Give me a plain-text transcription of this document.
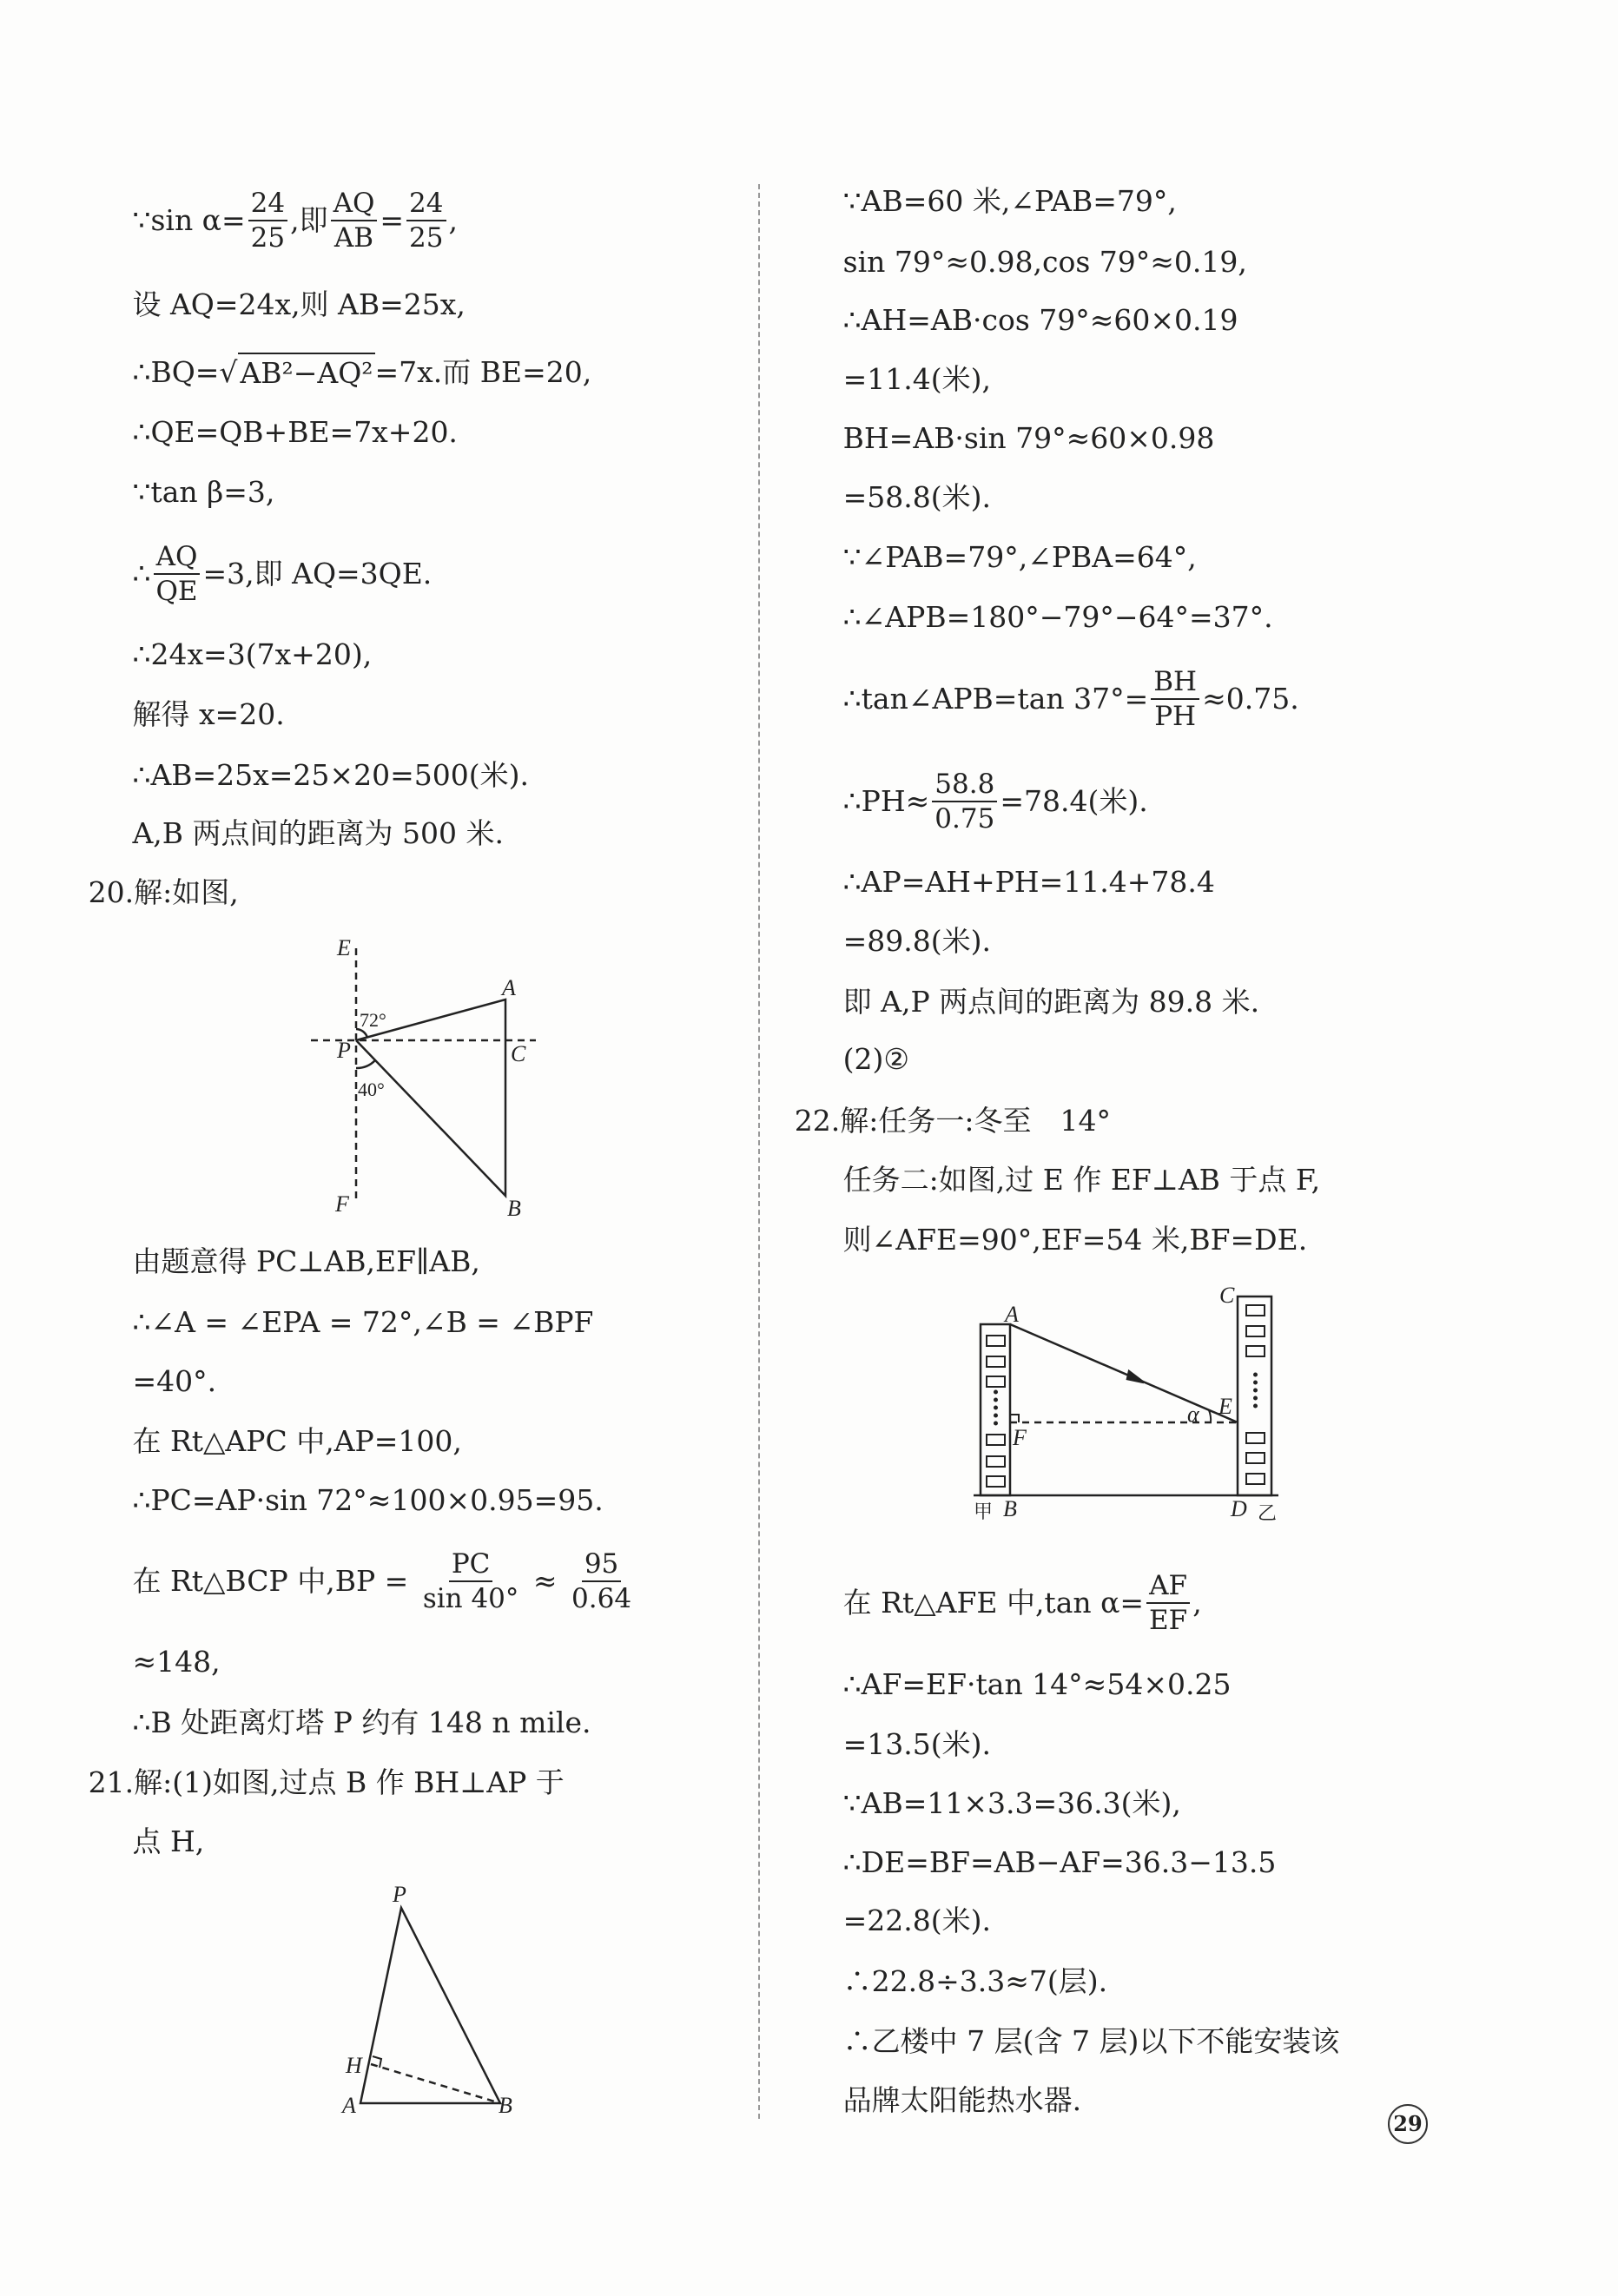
∵sin $\alpha= \frac{24}{25}$ ,即 $\frac{AQ}{AB} = \frac{24}{25}$ ,
设 AQ=24x,则 AB=25x,
∴BQ= √ AB²−AQ² =7x.而 BE=20,
∴QE=QB+BE=7x+20.
∵tan β=3,
∴ $\frac{AQ}{QE} =3$,即 AQ=3QE.
∴24x=3(7x+20),
解得 x=20.
∴AB=25x=25×20=500(米).
A,B 两点间的距离为 500 米.
20.解:如图,
由题意得 PC⊥AB,EF∥AB,
∴∠A = ∠EPA = 72°,∠B = ∠BPF
=40°.
在 Rt△APC 中,AP=100,
∴PC=AP·sin 72°≈100×0.95=95.
在 Rt△BCP 中$,BP = \frac{PC}{\sin 40^\circ} \approx \frac{95}{0.64}$
≈148,
∴B 处距离灯塔 P 约有 148 n mile.
21.解:(1)如图,过点 B 作 BH⊥AP 于
点 H,
∵AB=60 米,∠PAB=79°,
sin 79°≈0.98,cos 79°≈0.19,
∴AH=AB·cos 79°≈60×0.19
=11.4(米),
BH=AB·sin 79°≈60×0.98
=58.8(米).
∵∠PAB=79°,∠PBA=64°,
∴∠APB=180°−79°−64°=37°.
∴tan∠APB=tan $37^\circ= \frac{BH}{PH} \approx 0.75$.
∴PH≈ $\frac{58.8}{0.75} =78.4$(米).
∴AP=AH+PH=11.4+78.4
=89.8(米).
即 A,P 两点间的距离为 89.8 米.
(2)②
22.解:任务一:冬至　14°
任务二:如图,过 E 作 EF⊥AB 于点 F,
则∠AFE=90°,EF=54 米,BF=DE.
在 Rt△AFE 中,tan $\alpha= \frac{AF}{EF}$ ,
∴AF=EF·tan 14°≈54×0.25
=13.5(米).
∵AB=11×3.3=36.3(米),
∴DE=BF=AB−AF=36.3−13.5
=22.8(米).
∴22.8÷3.3≈7(层).
∴乙楼中 7 层(含 7 层)以下不能安装该
品牌太阳能热水器.
E
A
P	C
B
F
72°
40°
P
H
A	B
A
C
E
α
F
B	D
甲	乙
29
